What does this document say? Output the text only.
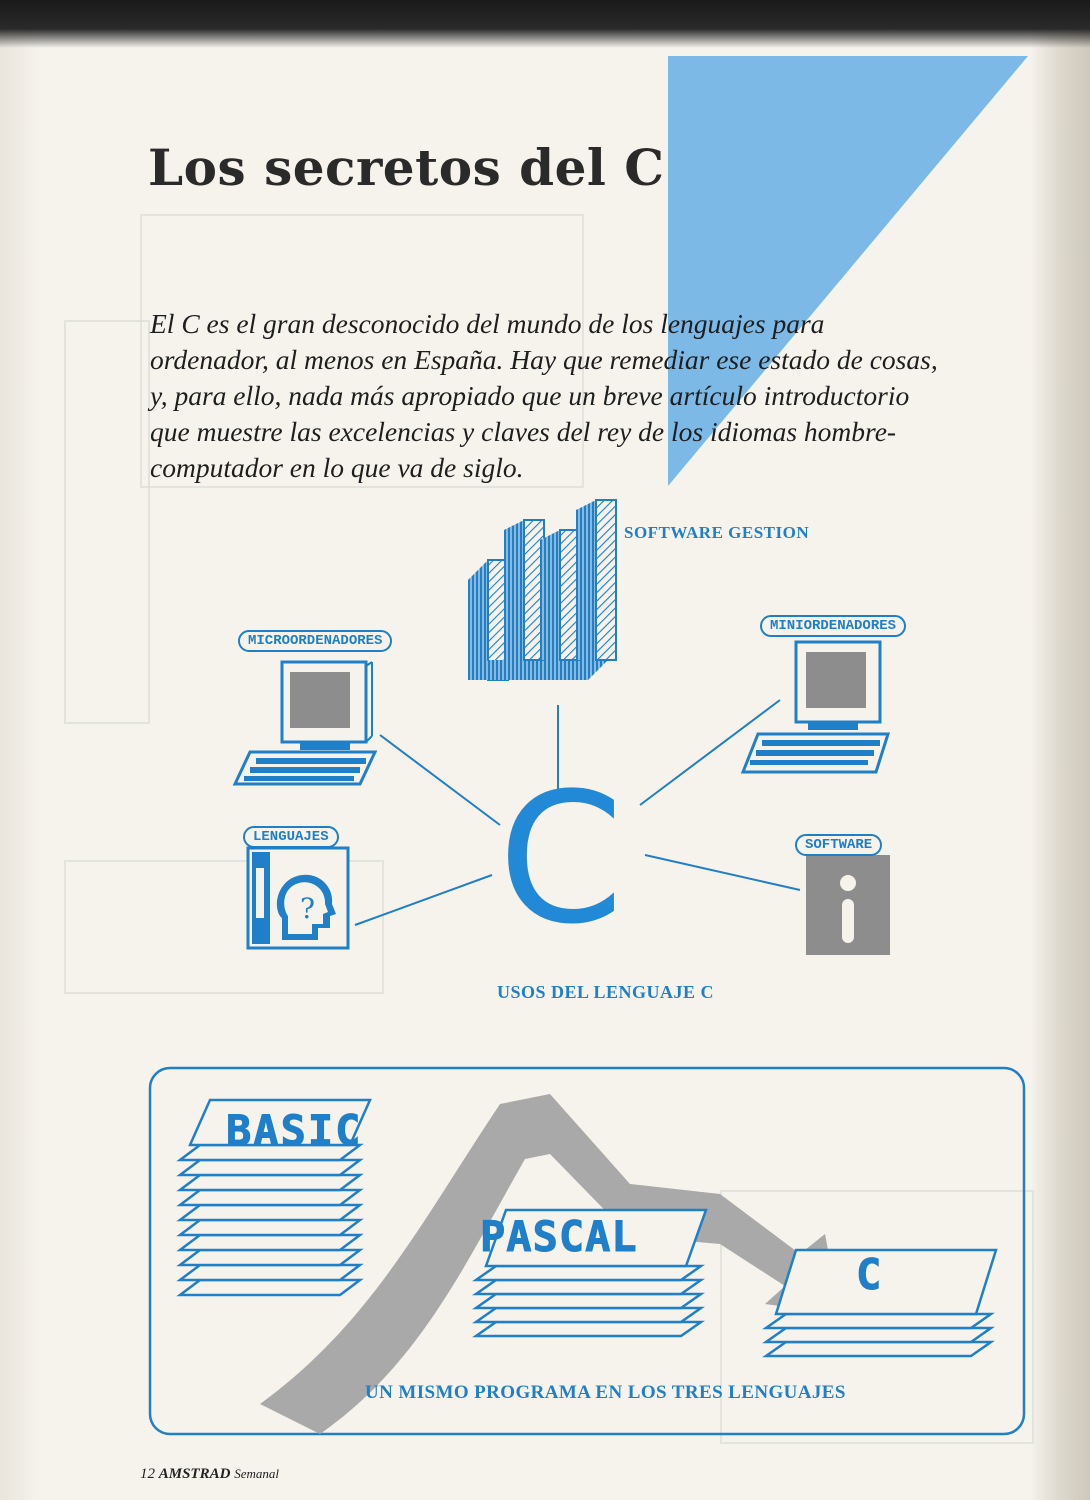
Los secretos del C

El C es el gran desconocido del mundo de los lenguajes para
ordenador, al menos en España. Hay que remediar ese estado de cosas,
y, para ello, nada más apropiado que un breve artículo introductorio
que muestre las excelencias y claves del rey de los idiomas hombre-
computador en lo que va de siglo.

SOFTWARE GESTION
MICROORDENADORES
MINIORDENADORES
?
LENGUAJES	SOFTWARE
C
USOS DEL LENGUAJE C
BASIC
PASCAL
C
UN MISMO PROGRAMA EN LOS TRES LENGUAJES

12 AMSTRAD Semanal
